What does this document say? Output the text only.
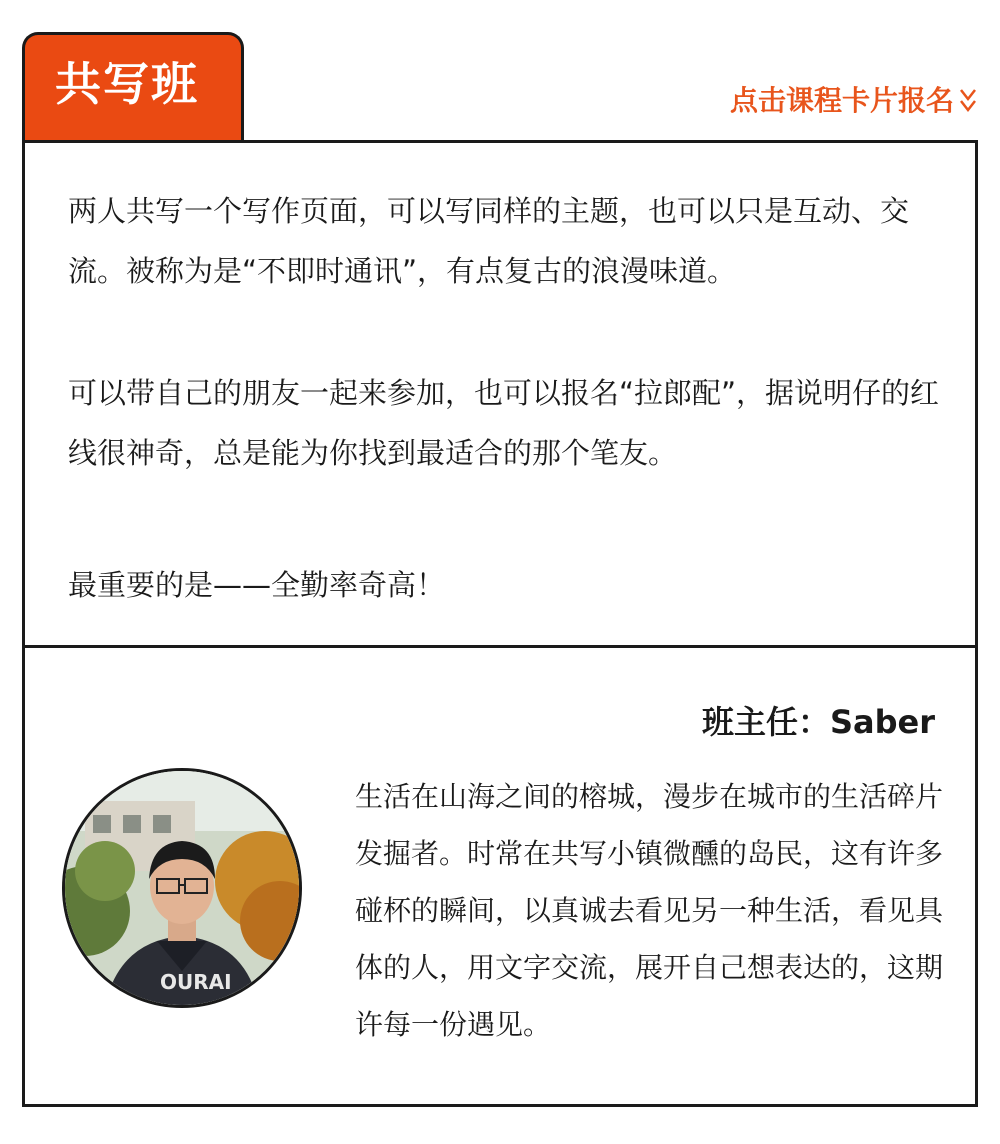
共写班	点击课程卡片报名

两人共写一个写作页面，可以写同样的主题，也可以只是互动、交流。被称为是“不即时通讯”，有点复古的浪漫味道。

可以带自己的朋友一起来参加，也可以报名“拉郎配”，据说明仔的红线很神奇，总是能为你找到最适合的那个笔友。

最重要的是——全勤率奇高！

班主任：Saber
OURAI

生活在山海之间的榕城，漫步在城市的生活碎片发掘者。时常在共写小镇微醺的岛民，这有许多碰杯的瞬间，以真诚去看见另一种生活，看见具体的人，用文字交流，展开自己想表达的，这期许每一份遇见。
